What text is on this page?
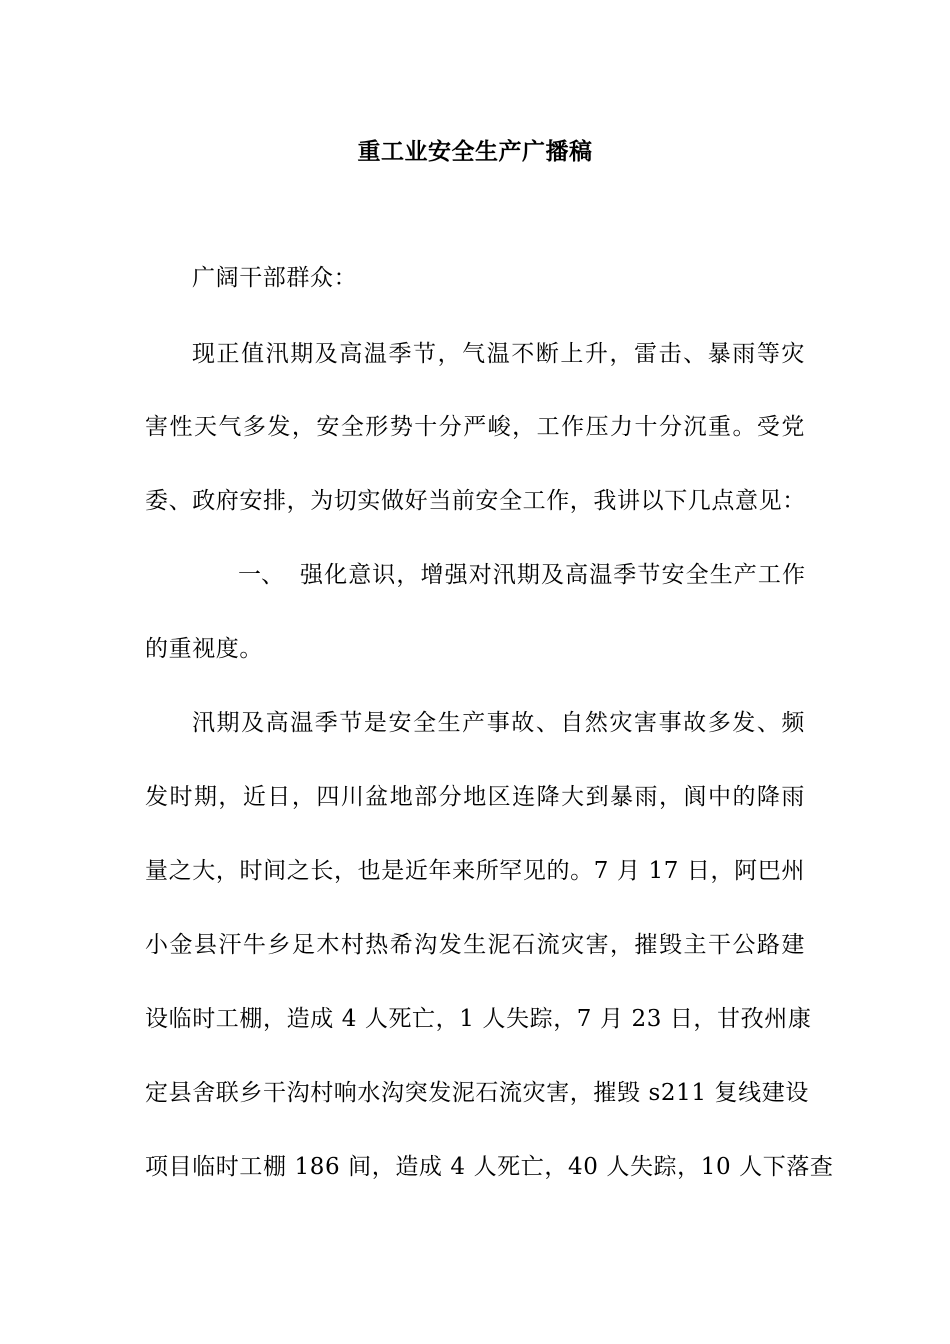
重工业安全生产广播稿
广阔干部群众：
现正值汛期及高温季节，气温不断上升，雷击、暴雨等灾
害性天气多发，安全形势十分严峻，工作压力十分沉重。受党
委、政府安排，为切实做好当前安全工作，我讲以下几点意见：
一、 强化意识，增强对汛期及高温季节安全生产工作
的重视度。
汛期及高温季节是安全生产事故、自然灾害事故多发、频
发时期，近日，四川盆地部分地区连降大到暴雨，阆中的降雨
量之大，时间之长，也是近年来所罕见的。7 月 17 日，阿巴州
小金县汗牛乡足木村热希沟发生泥石流灾害，摧毁主干公路建
设临时工棚，造成 4 人死亡，1 人失踪，7 月 23 日，甘孜州康
定县舍联乡干沟村响水沟突发泥石流灾害，摧毁 s211 复线建设
项目临时工棚 186 间，造成 4 人死亡，40 人失踪，10 人下落查
